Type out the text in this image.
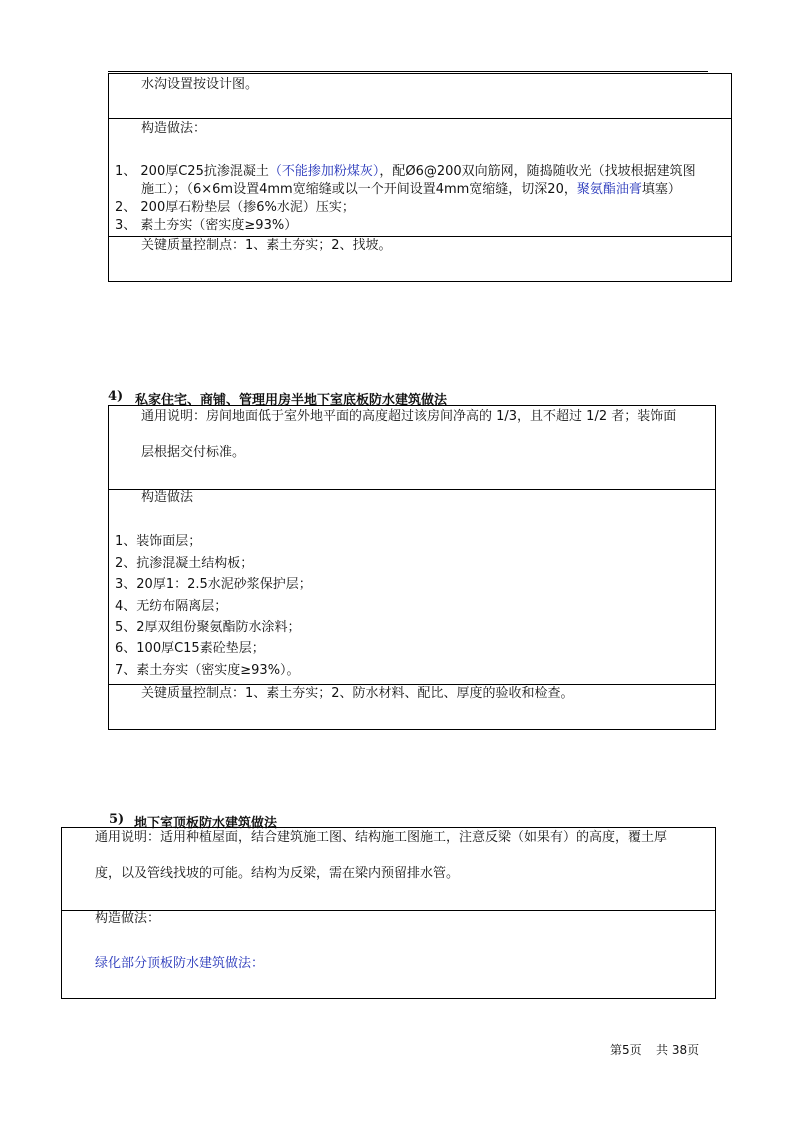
水沟设置按设计图。
构造做法：
1、 200厚C25抗渗混凝土（不能掺加粉煤灰），配Ø6@200双向筋网，随捣随收光（找坡根据建筑图
施工）；（6×6m设置4mm宽缩缝或以一个开间设置4mm宽缩缝，切深20，聚氨酯油膏填塞）
2、 200厚石粉垫层（掺6%水泥）压实；
3、 素土夯实（密实度≥93%）
关键质量控制点：1、素土夯实；2、找坡。
4) 私家住宅、商铺、管理用房半地下室底板防水建筑做法
通用说明：房间地面低于室外地平面的高度超过该房间净高的 1/3，且不超过 1/2 者；装饰面
层根据交付标准。
构造做法
1、装饰面层；
2、抗渗混凝土结构板；
3、20厚1：2.5水泥砂浆保护层；
4、无纺布隔离层；
5、2厚双组份聚氨酯防水涂料；
6、100厚C15素砼垫层；
7、素土夯实（密实度≥93%）。
关键质量控制点：1、素土夯实；2、防水材料、配比、厚度的验收和检查。
5) 地下室顶板防水建筑做法
通用说明：适用种植屋面，结合建筑施工图、结构施工图施工，注意反梁（如果有）的高度，覆土厚
度，以及管线找坡的可能。结构为反梁，需在梁内预留排水管。
构造做法：
绿化部分顶板防水建筑做法：
第5页 共 38页
